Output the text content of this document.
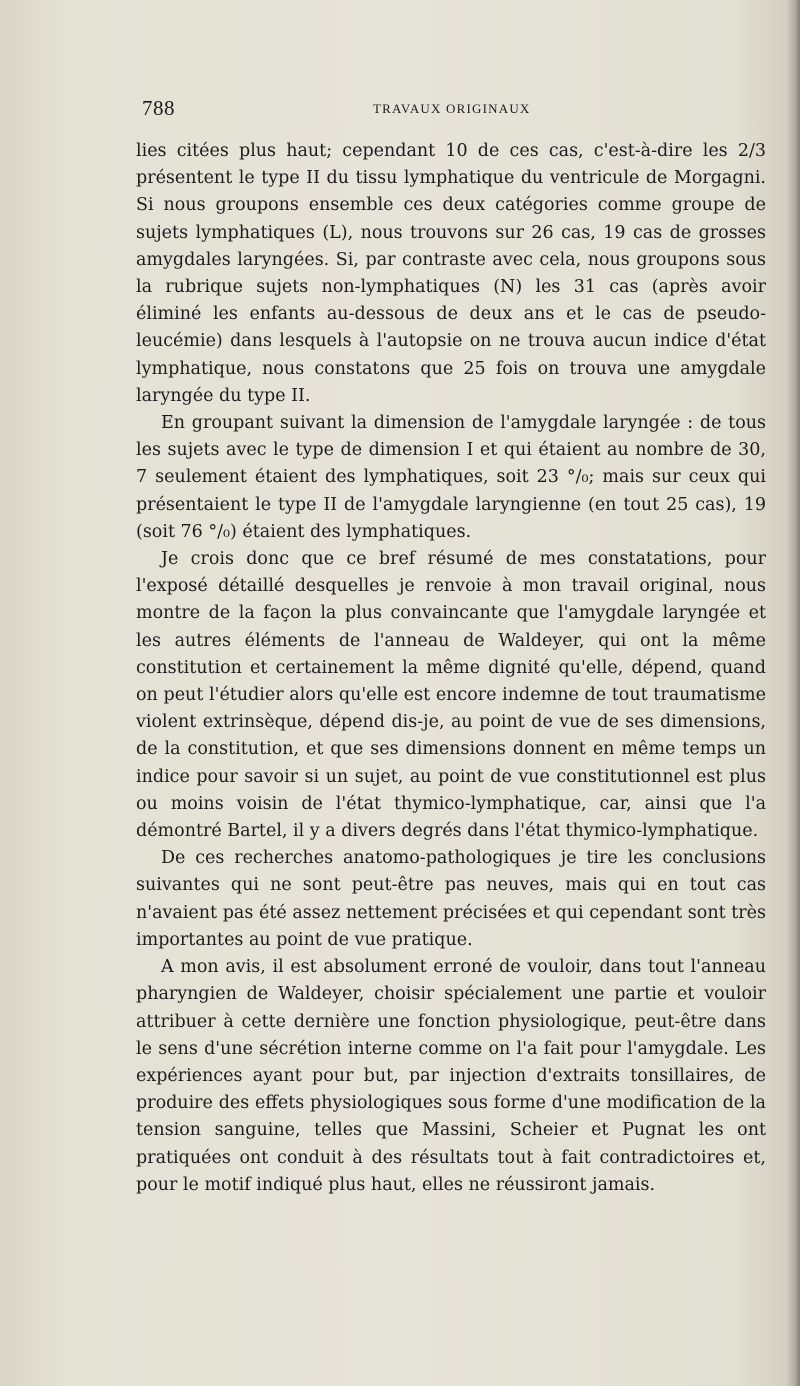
788	TRAVAUX ORIGINAUX

lies citées plus haut; cependant 10 de ces cas, c'est-à-dire les 2/3 présentent le type II du tissu lymphatique du ventricule de Morgagni. Si nous groupons ensemble ces deux catégories comme groupe de sujets lymphatiques (L), nous trouvons sur 26 cas, 19 cas de grosses amygdales laryngées. Si, par contraste avec cela, nous groupons sous la rubrique sujets non-lymphatiques (N) les 31 cas (après avoir éliminé les enfants au-dessous de deux ans et le cas de pseudo-leucémie) dans lesquels à l'autopsie on ne trouva aucun indice d'état lymphatique, nous constatons que 25 fois on trouva une amygdale laryngée du type II.

En groupant suivant la dimension de l'amygdale laryngée : de tous les sujets avec le type de dimension I et qui étaient au nombre de 30, 7 seulement étaient des lymphatiques, soit 23 °/₀; mais sur ceux qui présentaient le type II de l'amygdale laryngienne (en tout 25 cas), 19 (soit 76 °/₀) étaient des lymphatiques.

Je crois donc que ce bref résumé de mes constatations, pour l'exposé détaillé desquelles je renvoie à mon travail original, nous montre de la façon la plus convaincante que l'amygdale laryngée et les autres éléments de l'anneau de Waldeyer, qui ont la même constitution et certainement la même dignité qu'elle, dépend, quand on peut l'étudier alors qu'elle est encore indemne de tout traumatisme violent extrinsèque, dépend dis-je, au point de vue de ses dimensions, de la constitution, et que ses dimensions donnent en même temps un indice pour savoir si un sujet, au point de vue constitutionnel est plus ou moins voisin de l'état thymico-lymphatique, car, ainsi que l'a démontré Bartel, il y a divers degrés dans l'état thymico-lymphatique.

De ces recherches anatomo-pathologiques je tire les conclusions suivantes qui ne sont peut-être pas neuves, mais qui en tout cas n'avaient pas été assez nettement précisées et qui cependant sont très importantes au point de vue pratique.

A mon avis, il est absolument erroné de vouloir, dans tout l'anneau pharyngien de Waldeyer, choisir spécialement une partie et vouloir attribuer à cette dernière une fonction physiologique, peut-être dans le sens d'une sécrétion interne comme on l'a fait pour l'amygdale. Les expériences ayant pour but, par injection d'extraits tonsillaires, de produire des effets physiologiques sous forme d'une modification de la tension sanguine, telles que Massini, Scheier et Pugnat les ont pratiquées ont conduit à des résultats tout à fait contradictoires et, pour le motif indiqué plus haut, elles ne réussiront jamais.
